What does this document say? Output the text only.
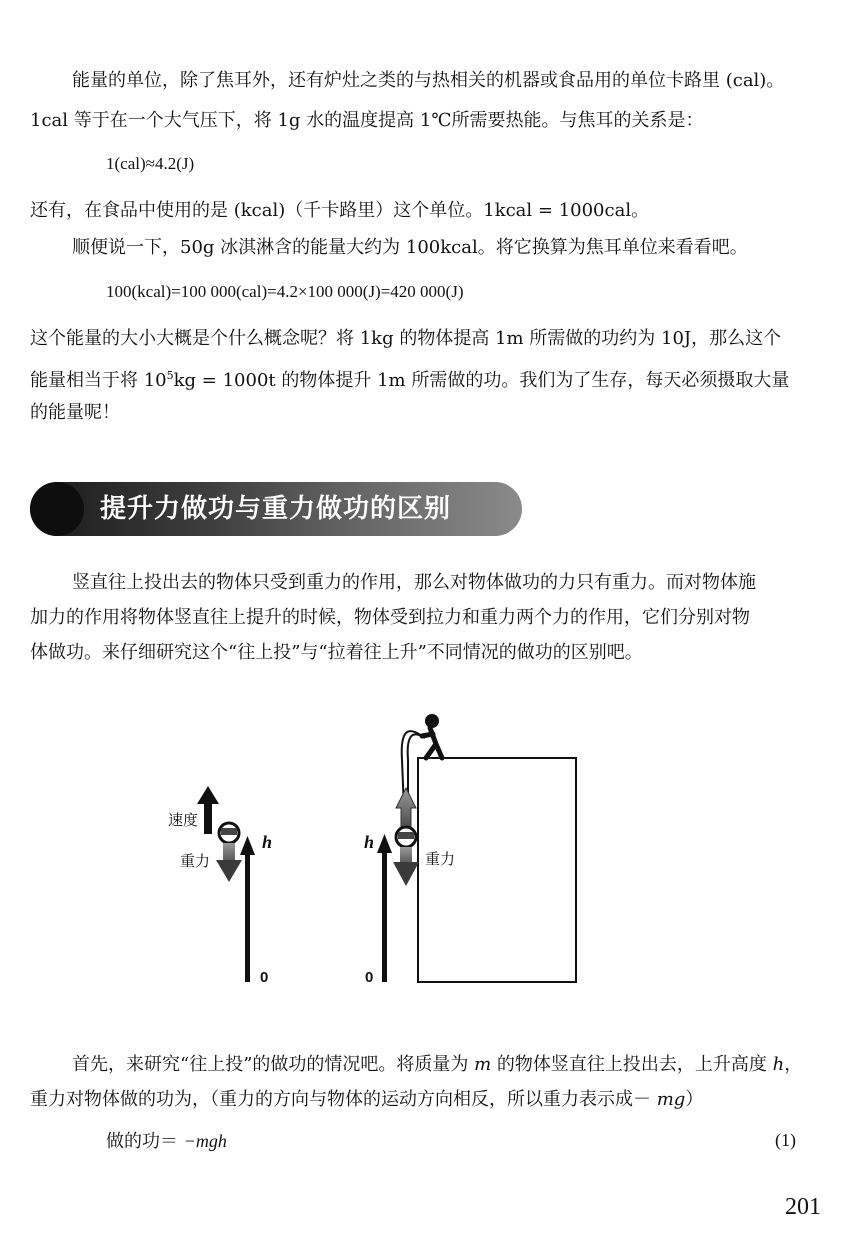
能量的单位，除了焦耳外，还有炉灶之类的与热相关的机器或食品用的单位卡路里 (cal)。
1cal 等于在一个大气压下，将 1g 水的温度提高 1℃所需要热能。与焦耳的关系是：
1(cal)≈4.2(J)
还有，在食品中使用的是 (kcal)（千卡路里）这个单位。1kcal = 1000cal。
顺便说一下，50g 冰淇淋含的能量大约为 100kcal。将它换算为焦耳单位来看看吧。
100(kcal)=100 000(cal)=4.2×100 000(J)=420 000(J)
这个能量的大小大概是个什么概念呢？将 1kg 的物体提高 1m 所需做的功约为 10J，那么这个
能量相当于将 $10^5kg = 1000t$ 的物体提升 1m 所需做的功。我们为了生存，每天必须摄取大量
的能量呢！
提升力做功与重力做功的区别
竖直往上投出去的物体只受到重力的作用，那么对物体做功的力只有重力。而对物体施
加力的作用将物体竖直往上提升的时候，物体受到拉力和重力两个力的作用，它们分别对物
体做功。来仔细研究这个“往上投”与“拉着往上升”不同情况的做功的区别吧。
速度
重力
h
0
重力
h
0
首先，来研究“往上投”的做功的情况吧。将质量为 m 的物体竖直往上投出去，上升高度 h，
重力对物体做的功为，（重力的方向与物体的运动方向相反，所以重力表示成－ mg）
做的功＝ −mgh	(1)
201
